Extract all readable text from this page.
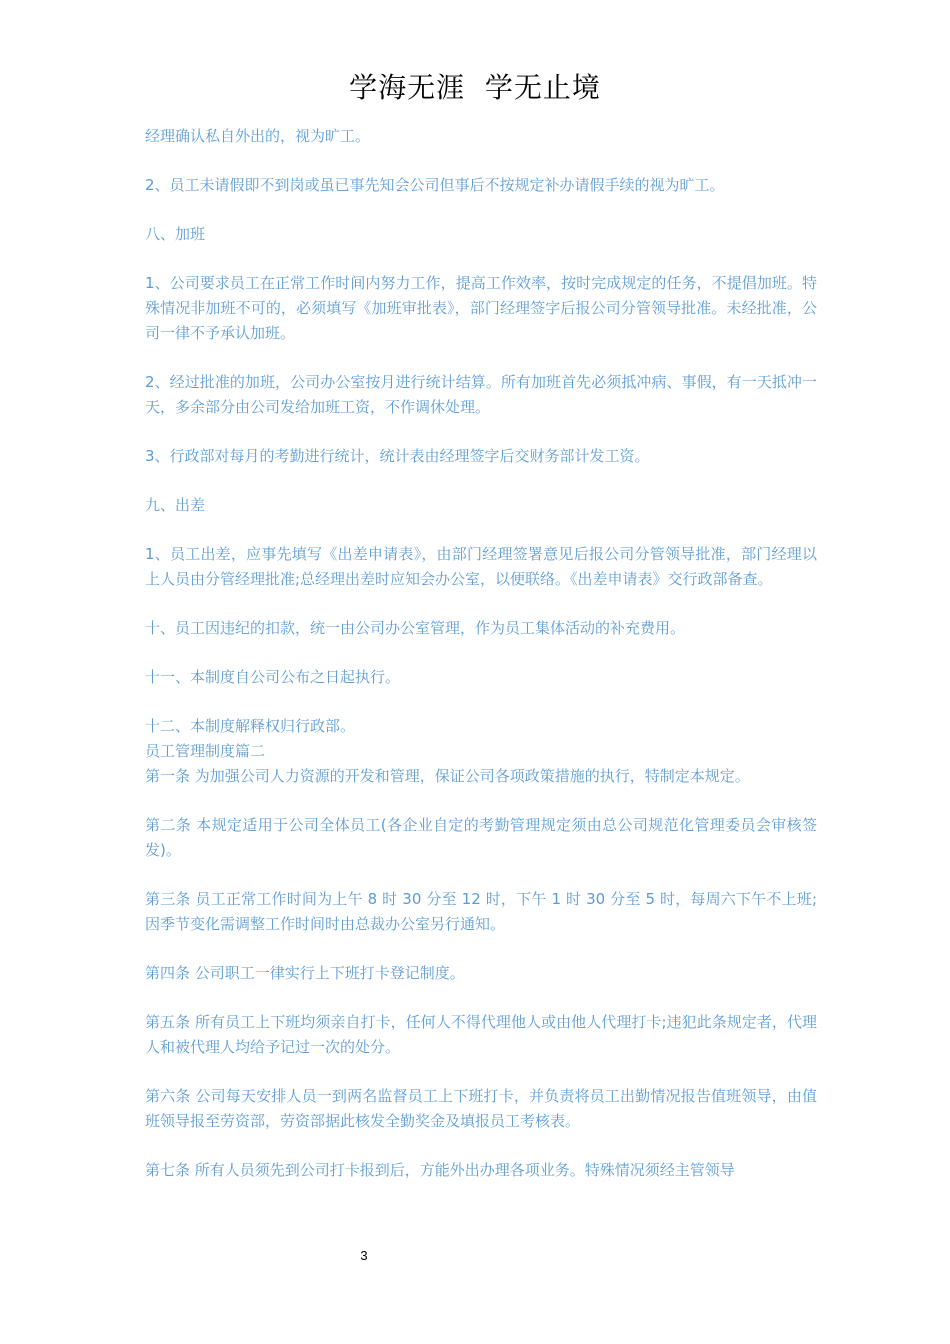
学海无涯  学无止境

经理确认私自外出的，视为旷工。

2、员工未请假即不到岗或虽已事先知会公司但事后不按规定补办请假手续的视为旷工。

八、加班

1、公司要求员工在正常工作时间内努力工作，提高工作效率，按时完成规定的任务，不提倡加班。特殊情况非加班不可的，必须填写《加班审批表》，部门经理签字后报公司分管领导批准。未经批准，公司一律不予承认加班。

2、经过批准的加班，公司办公室按月进行统计结算。所有加班首先必须抵冲病、事假，有一天抵冲一天，多余部分由公司发给加班工资，不作调休处理。

3、行政部对每月的考勤进行统计，统计表由经理签字后交财务部计发工资。

九、出差

1、员工出差，应事先填写《出差申请表》，由部门经理签署意见后报公司分管领导批准，部门经理以上人员由分管经理批准;总经理出差时应知会办公室，以便联络。《出差申请表》交行政部备查。

十、员工因违纪的扣款，统一由公司办公室管理，作为员工集体活动的补充费用。

十一、本制度自公司公布之日起执行。

十二、本制度解释权归行政部。

员工管理制度篇二

第一条 为加强公司人力资源的开发和管理，保证公司各项政策措施的执行，特制定本规定。

第二条 本规定适用于公司全体员工(各企业自定的考勤管理规定须由总公司规范化管理委员会审核签发)。

第三条 员工正常工作时间为上午 8 时 30 分至 12 时，下午 1 时 30 分至 5 时，每周六下午不上班;因季节变化需调整工作时间时由总裁办公室另行通知。

第四条 公司职工一律实行上下班打卡登记制度。

第五条 所有员工上下班均须亲自打卡，任何人不得代理他人或由他人代理打卡;违犯此条规定者，代理人和被代理人均给予记过一次的处分。

第六条 公司每天安排人员一到两名监督员工上下班打卡，并负责将员工出勤情况报告值班领导，由值班领导报至劳资部，劳资部据此核发全勤奖金及填报员工考核表。

第七条 所有人员须先到公司打卡报到后，方能外出办理各项业务。特殊情况须经主管领导

3
